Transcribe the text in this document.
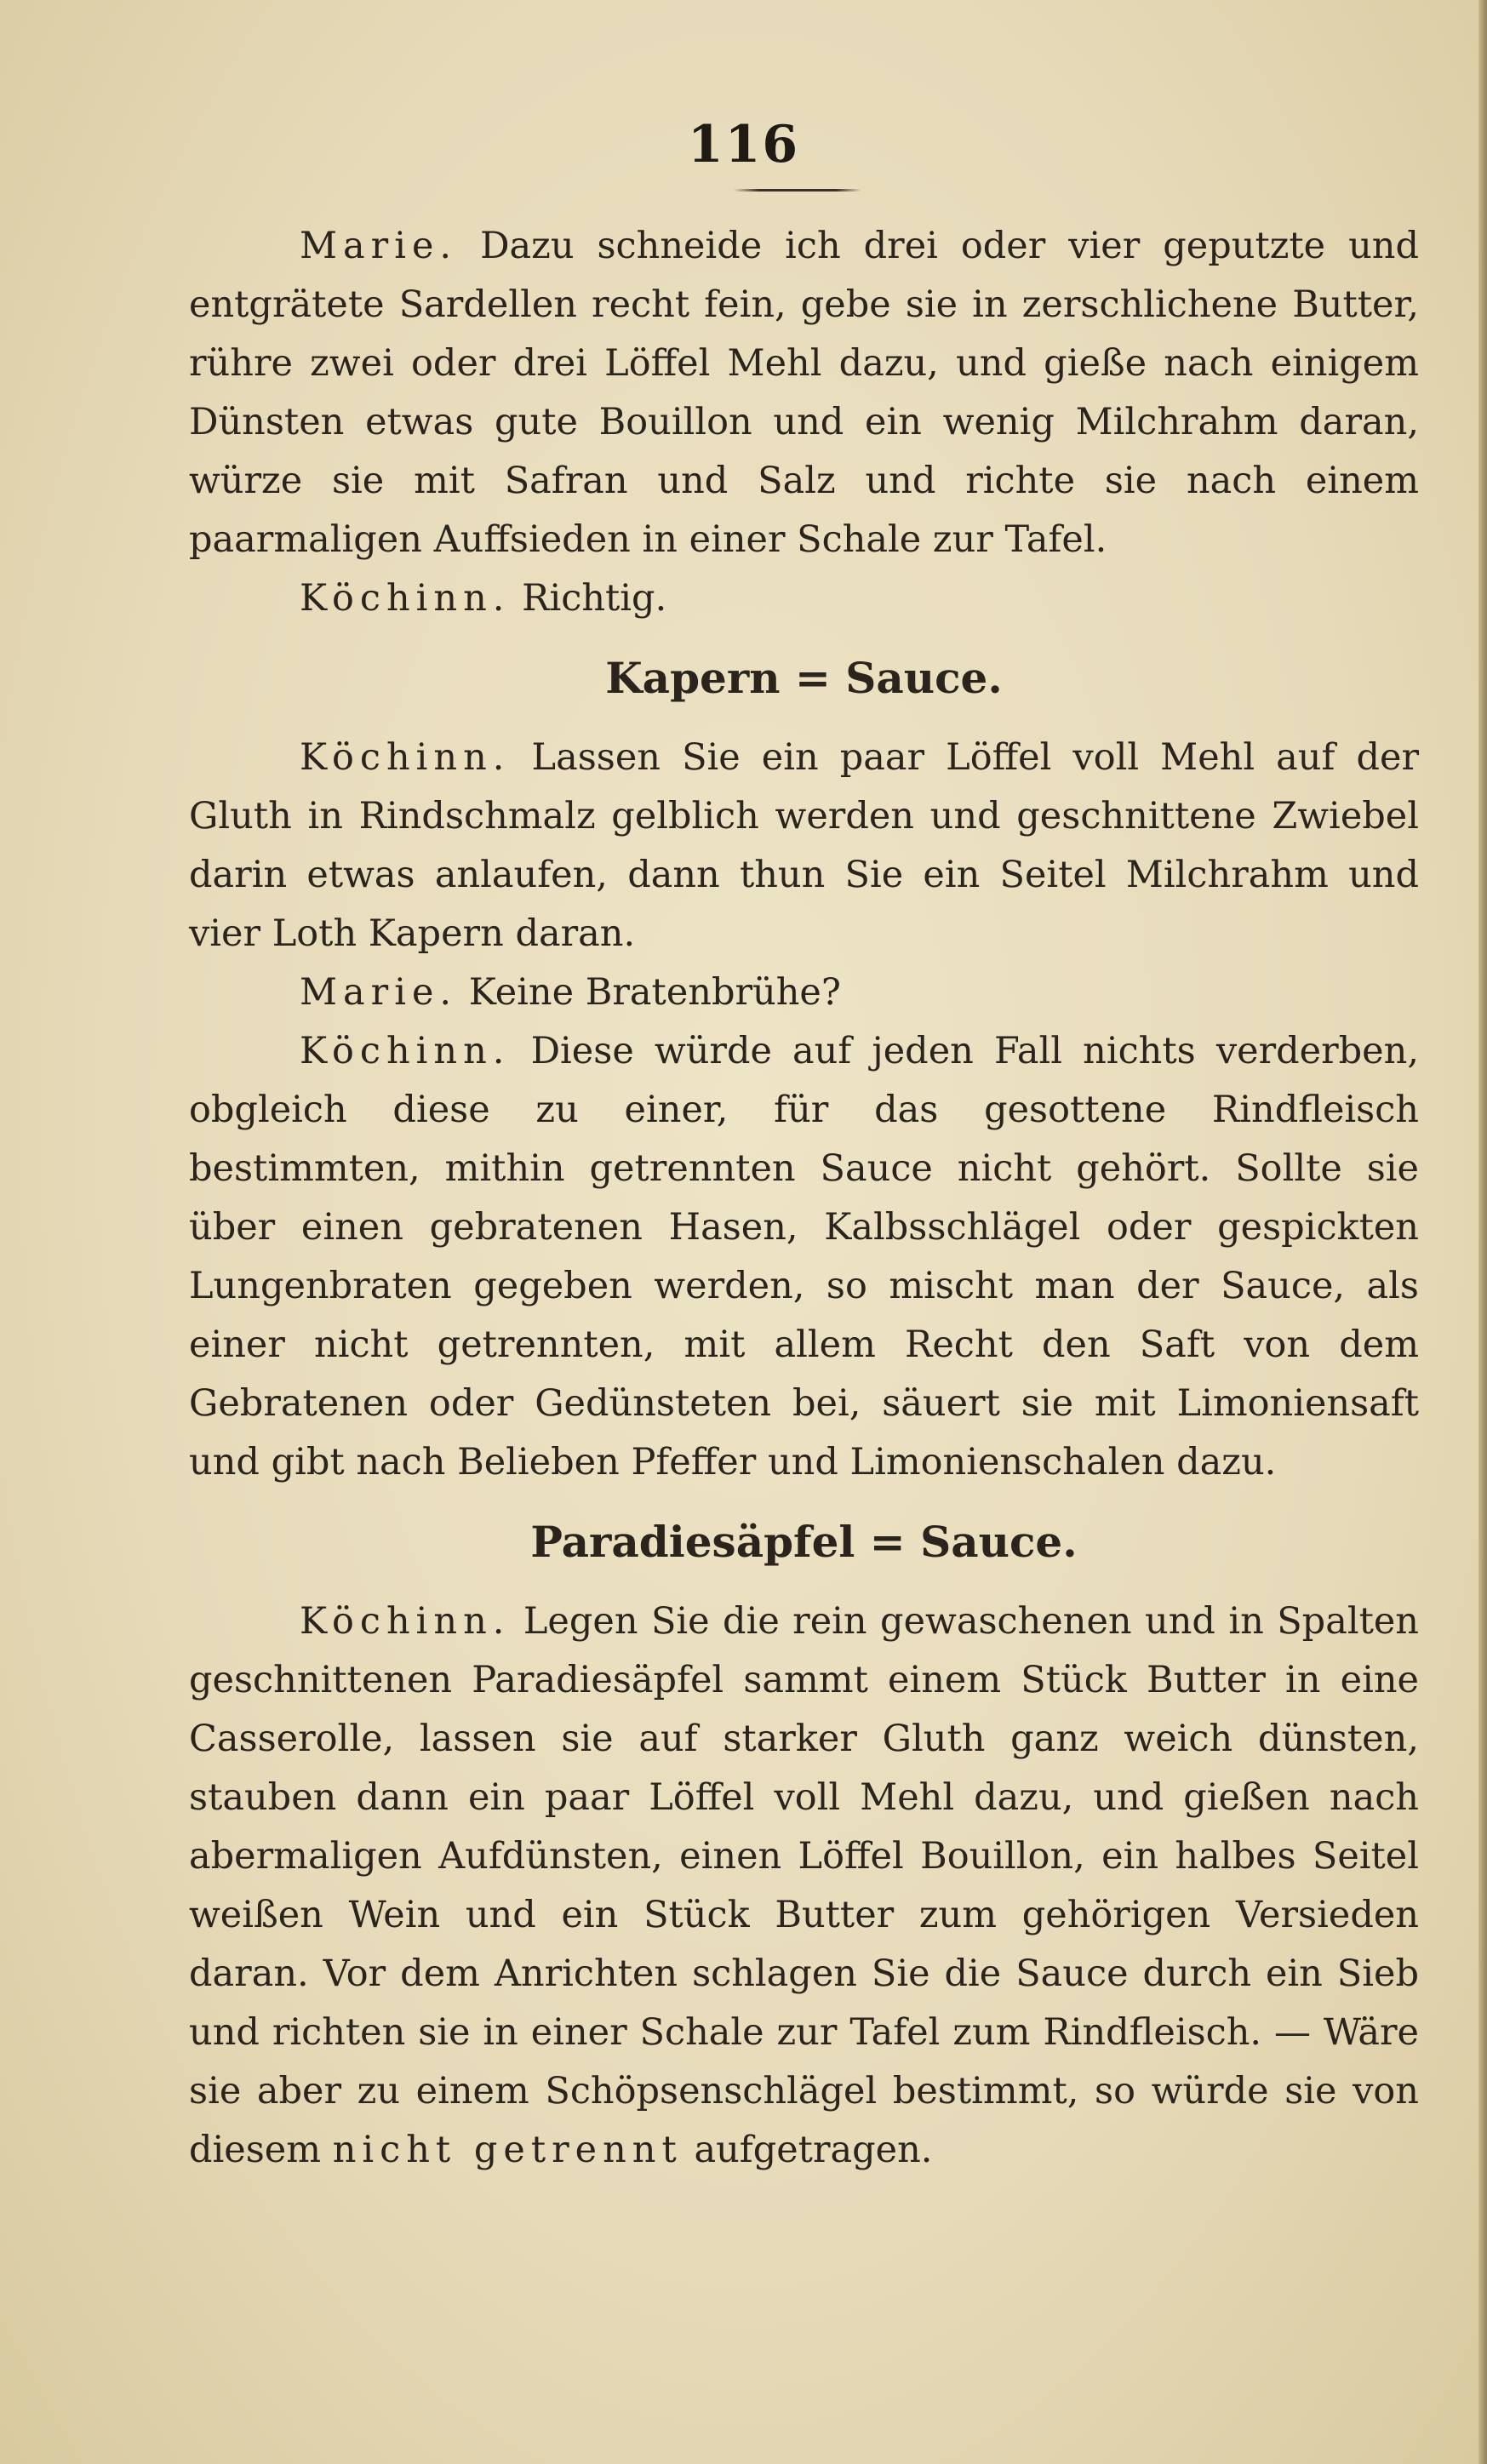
116

Marie. Dazu schneide ich drei oder vier geputzte und entgrätete Sardellen recht fein, gebe sie in zerschlichene Butter, rühre zwei oder drei Löffel Mehl dazu, und gieße nach einigem Dünsten etwas gute Bouillon und ein wenig Milchrahm daran, würze sie mit Safran und Salz und richte sie nach einem paarmaligen Auffsieden in einer Schale zur Tafel.

Köchinn. Richtig.

Kapern = Sauce.

Köchinn. Lassen Sie ein paar Löffel voll Mehl auf der Gluth in Rindschmalz gelblich werden und geschnittene Zwiebel darin etwas anlaufen, dann thun Sie ein Seitel Milchrahm und vier Loth Kapern daran.

Marie. Keine Bratenbrühe?

Köchinn. Diese würde auf jeden Fall nichts verderben, obgleich diese zu einer, für das gesottene Rindfleisch bestimmten, mithin getrennten Sauce nicht gehört. Sollte sie über einen gebratenen Hasen, Kalbsschlägel oder gespickten Lungenbraten gegeben werden, so mischt man der Sauce, als einer nicht getrennten, mit allem Recht den Saft von dem Gebratenen oder Gedünsteten bei, säuert sie mit Limoniensaft und gibt nach Belieben Pfeffer und Limonienschalen dazu.

Paradiesäpfel = Sauce.

Köchinn. Legen Sie die rein gewaschenen und in Spalten geschnittenen Paradiesäpfel sammt einem Stück Butter in eine Casserolle, lassen sie auf starker Gluth ganz weich dünsten, stauben dann ein paar Löffel voll Mehl dazu, und gießen nach abermaligen Aufdünsten, einen Löffel Bouillon, ein halbes Seitel weißen Wein und ein Stück Butter zum gehörigen Versieden daran. Vor dem Anrichten schlagen Sie die Sauce durch ein Sieb und richten sie in einer Schale zur Tafel zum Rindfleisch. — Wäre sie aber zu einem Schöpsenschlägel bestimmt, so würde sie von diesem nicht getrennt aufgetragen.
